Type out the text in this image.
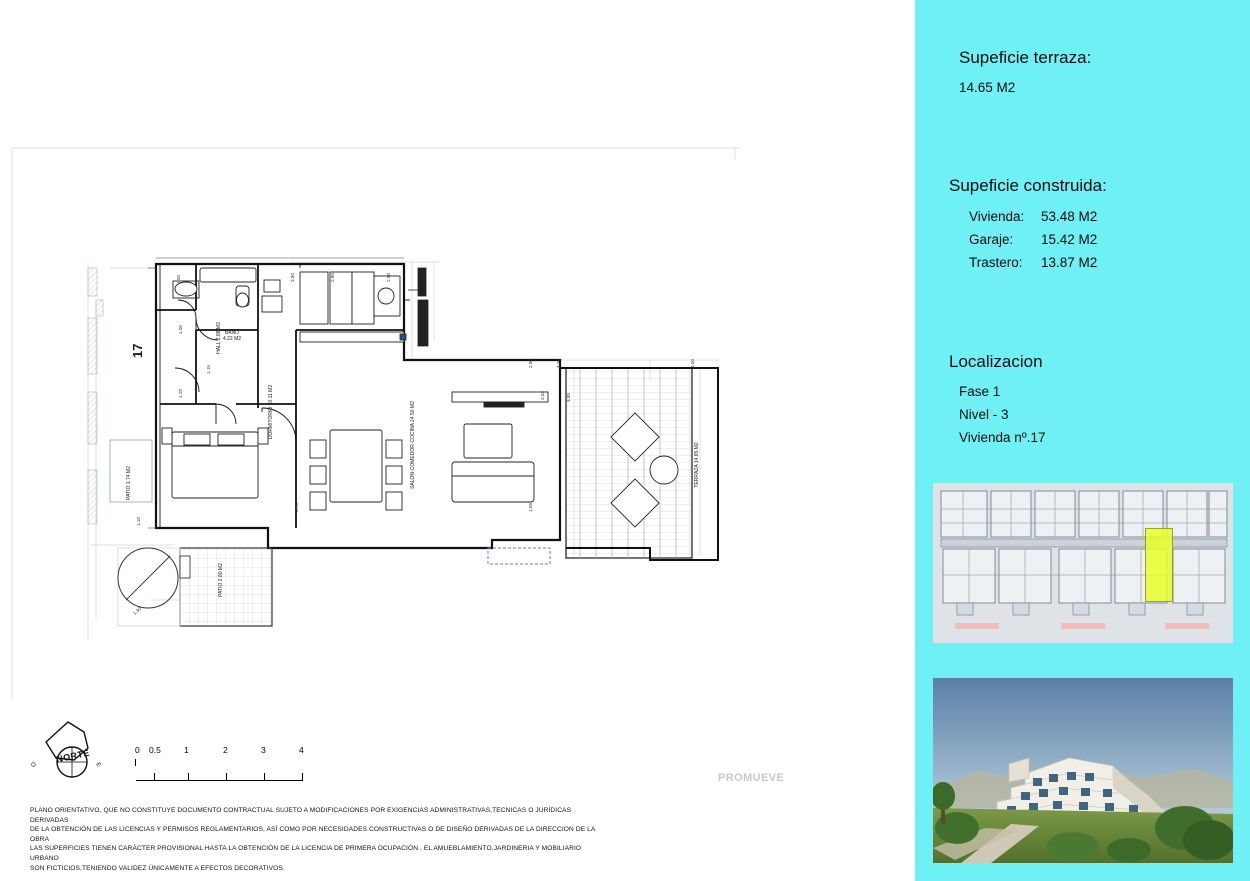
17
BAÑO
4.22 M2
HALL 2.88 M2
DORMITORIO 10.11 M2
SALON-COMEDOR-COCINA 24.50 M2
TERRAZA 14.65 M2
PATIO 2.80 M2
PATIO 1.74 M2
1.00	3.50	2.80	2.90
3.20
3.03	3.55
3.00
2.80
1.00
1.20
1.10
1.15
0.70	1.05
1.30
NORTE
O	E
0 0.5	1	2	3	4
PROMUEVE
PLANO ORIENTATIVO, QUE NO CONSTITUYE DOCUMENTO CONTRACTUAL SUJETO A MODIFICACIONES POR EXIGENCIAS ADMINISTRATIVAS,TECNICAS O JURÍDICAS DERIVADAS
DE LA OBTENCIÓN DE LAS LICENCIAS Y PERMISOS REGLAMENTARIOS, ASÍ COMO POR NECESIDADES CONSTRUCTIVAS O DE DISEÑO DERIVADAS DE LA DIRECCION DE LA OBRA
LAS SUPERFICIES TIENEN CARÁCTER PROVISIONAL HASTA LA OBTENCIÓN DE LA LICENCIA DE PRIMERA OCUPACIÓN , EL AMUEBLAMIENTO,JARDINERIA Y MOBILIARIO URBANO
SON FICTICIOS,TENIENDO VALIDEZ ÚNICAMENTE A EFECTOS DECORATIVOS.
Supeficie terraza:
14.65 M2
Supeficie construida:
Vivienda: 53.48 M2
Garaje: 15.42 M2
Trastero: 13.87 M2
Localizacion
Fase 1
Nivel - 3
Vivienda nº.17
